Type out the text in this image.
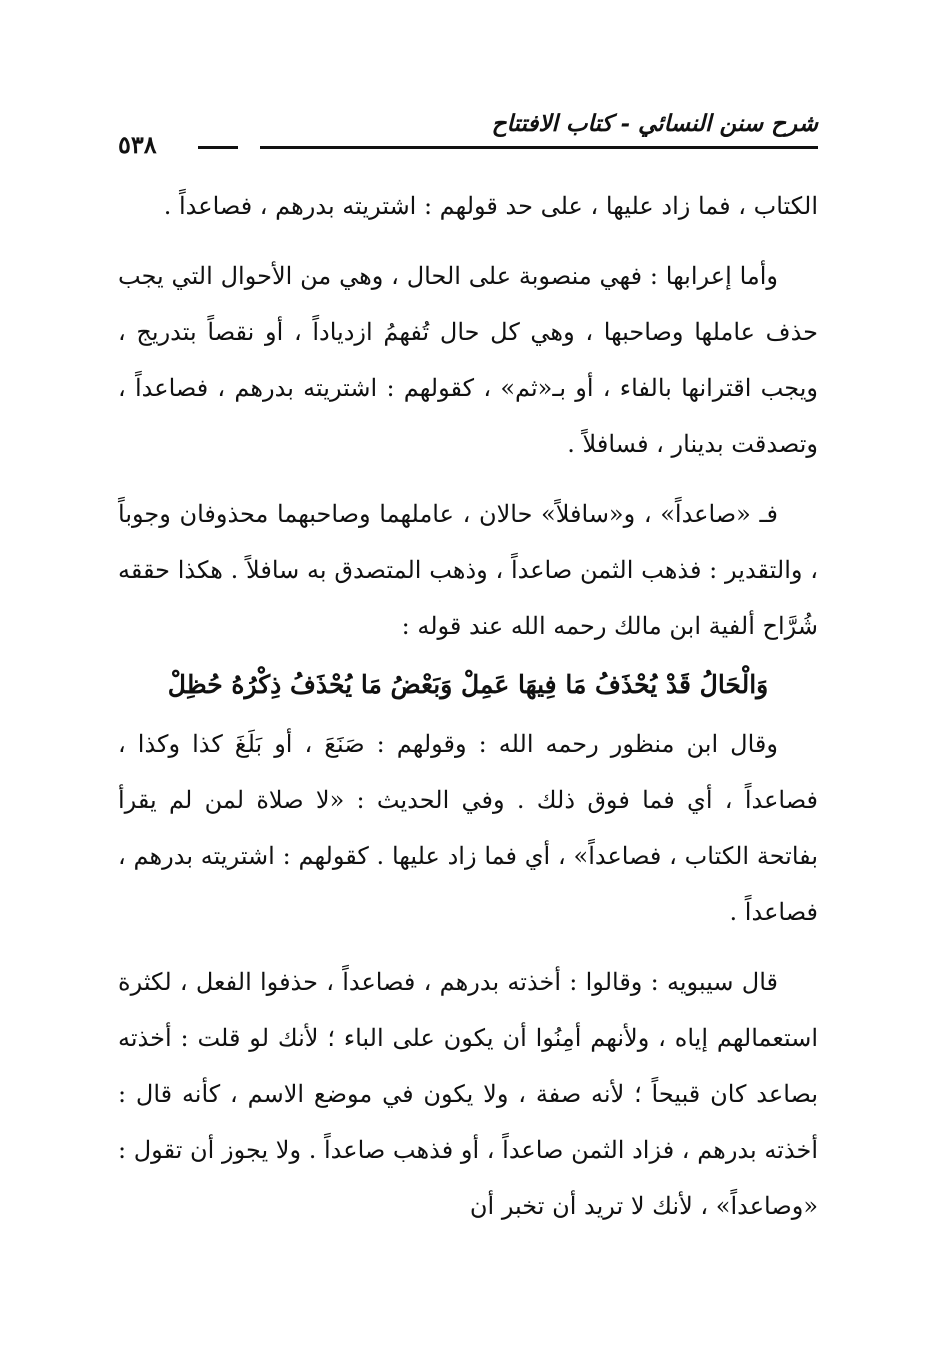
شرح سنن النسائي - كتاب الافتتاح
٥٣٨

الكتاب ، فما زاد عليها ، على حد قولهم : اشتريته بدرهم ، فصاعداً .

وأما إعرابها : فهي منصوبة على الحال ، وهي من الأحوال التي يجب حذف عاملها وصاحبها ، وهي كل حال تُفهمُ ازدياداً ، أو نقصاً بتدريج ، ويجب اقترانها بالفاء ، أو بـ«ثم» ، كقولهم : اشتريته بدرهم ، فصاعداً ، وتصدقت بدينار ، فسافلاً .

فـ «صاعداً» ، و«سافلاً» حالان ، عاملهما وصاحبهما محذوفان وجوباً ، والتقدير : فذهب الثمن صاعداً ، وذهب المتصدق به سافلاً . هكذا حققه شُرَّاح ألفية ابن مالك رحمه الله عند قوله :

وَالْحَالُ قَدْ يُحْذَفُ مَا فِيهَا عَمِلْ وَبَعْضُ مَا يُحْذَفُ ذِكْرُهُ حُظِلْ

وقال ابن منظور رحمه الله : وقولهم : صَنَعَ ، أو بَلَغَ كذا وكذا ، فصاعداً ، أي فما فوق ذلك . وفي الحديث : «لا صلاة لمن لم يقرأ بفاتحة الكتاب ، فصاعداً» ، أي فما زاد عليها . كقولهم : اشتريته بدرهم ، فصاعداً .

قال سيبويه : وقالوا : أخذته بدرهم ، فصاعداً ، حذفوا الفعل ، لكثرة استعمالهم إياه ، ولأنهم أمِنُوا أن يكون على الباء ؛ لأنك لو قلت : أخذته بصاعد كان قبيحاً ؛ لأنه صفة ، ولا يكون في موضع الاسم ، كأنه قال : أخذته بدرهم ، فزاد الثمن صاعداً ، أو فذهب صاعداً . ولا يجوز أن تقول : «وصاعداً» ، لأنك لا تريد أن تخبر أن
